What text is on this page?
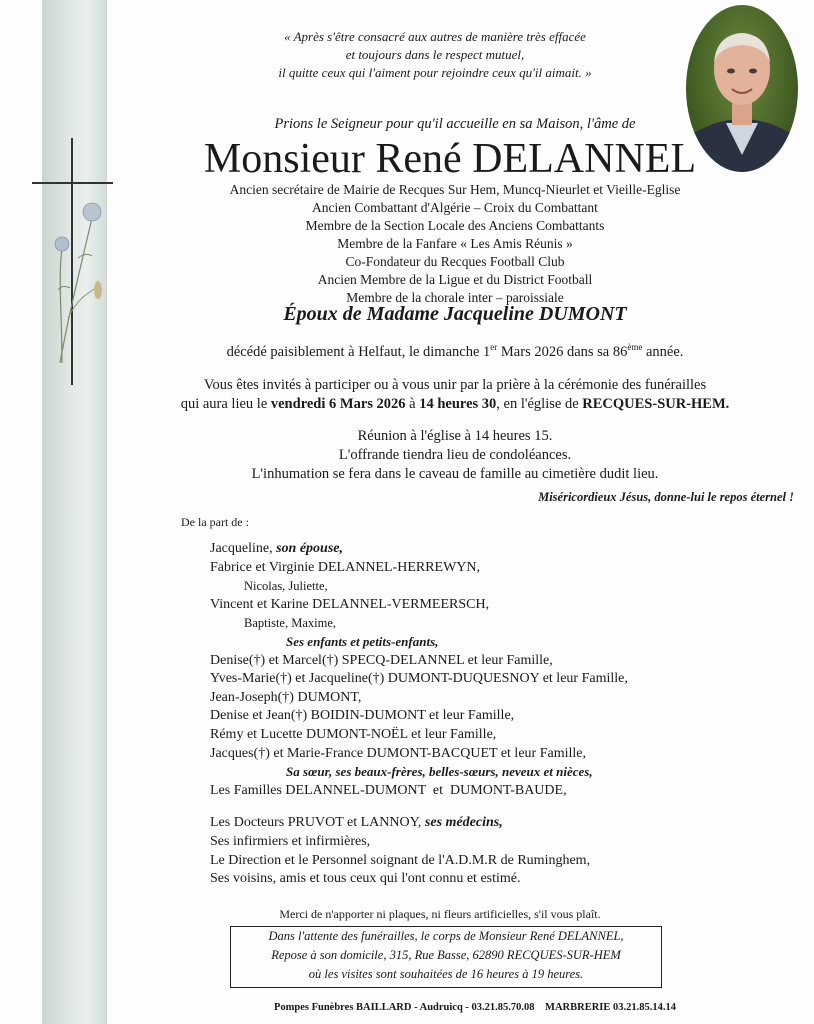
« Après s'être consacré aux autres de manière très effacée
et toujours dans le respect mutuel,
il quitte ceux qui l'aiment pour rejoindre ceux qu'il aimait. »
Prions le Seigneur pour qu'il accueille en sa Maison, l'âme de
Monsieur René DELANNEL
Ancien secrétaire de Mairie de Recques Sur Hem, Muncq-Nieurlet et Vieille-Eglise
Ancien Combattant d'Algérie – Croix du Combattant
Membre de la Section Locale des Anciens Combattants
Membre de la Fanfare « Les Amis Réunis »
Co-Fondateur du Recques Football Club
Ancien Membre de la Ligue et du District Football
Membre de la chorale inter – paroissiale
Époux de Madame Jacqueline DUMONT
décédé paisiblement à Helfaut, le dimanche 1er Mars 2026 dans sa 86ème année.
Vous êtes invités à participer ou à vous unir par la prière à la cérémonie des funérailles
qui aura lieu le vendredi 6 Mars 2026 à 14 heures 30, en l'église de RECQUES-SUR-HEM.
Réunion à l'église à 14 heures 15.
L'offrande tiendra lieu de condoléances.
L'inhumation se fera dans le caveau de famille au cimetière dudit lieu.
Miséricordieux Jésus, donne-lui le repos éternel !
De la part de :
Jacqueline, son épouse,
Fabrice et Virginie DELANNEL-HERREWYN,
Nicolas, Juliette,
Vincent et Karine DELANNEL-VERMEERSCH,
Baptiste, Maxime,
Ses enfants et petits-enfants,
Denise(†) et Marcel(†) SPECQ-DELANNEL et leur Famille,
Yves-Marie(†) et Jacqueline(†) DUMONT-DUQUESNOY et leur Famille,
Jean-Joseph(†) DUMONT,
Denise et Jean(†) BOIDIN-DUMONT et leur Famille,
Rémy et Lucette DUMONT-NOËL et leur Famille,
Jacques(†) et Marie-France DUMONT-BACQUET et leur Famille,
Sa sœur, ses beaux-frères, belles-sœurs, neveux et nièces,
Les Familles DELANNEL-DUMONT  et  DUMONT-BAUDE,
Les Docteurs PRUVOT et LANNOY, ses médecins,
Ses infirmiers et infirmières,
Le Direction et le Personnel soignant de l'A.D.M.R de Ruminghem,
Ses voisins, amis et tous ceux qui l'ont connu et estimé.
Merci de n'apporter ni plaques, ni fleurs artificielles, s'il vous plaît.
Dans l'attente des funérailles, le corps de Monsieur René DELANNEL,
Repose à son domicile, 315, Rue Basse, 62890 RECQUES-SUR-HEM
où les visites sont souhaitées de 16 heures à 19 heures.
Pompes Funèbres BAILLARD - Audruicq - 03.21.85.70.08    MARBRERIE 03.21.85.14.14
